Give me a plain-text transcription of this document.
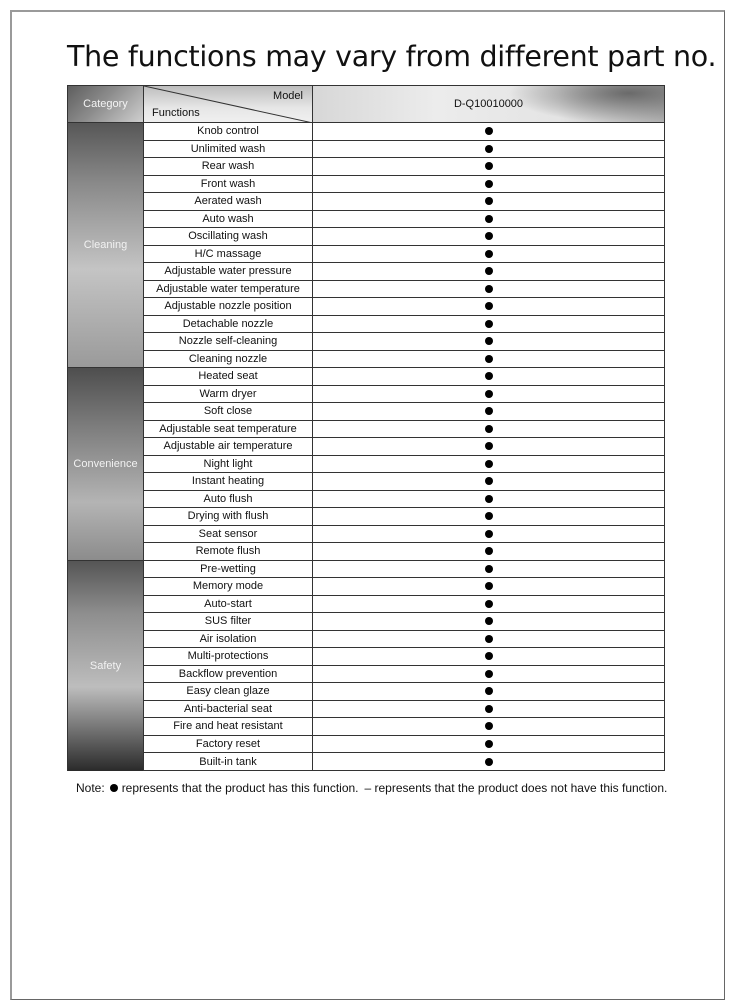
The functions may vary from different part no.
Category
Model
Functions
D-Q10010000
Cleaning
Knob control
Unlimited wash
Rear wash
Front wash
Aerated wash
Auto wash
Oscillating wash
H/C massage
Adjustable water pressure
Adjustable water temperature
Adjustable nozzle position
Detachable nozzle
Nozzle self-cleaning
Cleaning nozzle
Convenience
Heated seat
Warm dryer
Soft close
Adjustable seat temperature
Adjustable air temperature
Night light
Instant heating
Auto flush
Drying with flush
Seat sensor
Remote flush
Safety
Pre-wetting
Memory mode
Auto-start
SUS filter
Air isolation
Multi-protections
Backflow prevention
Easy clean glaze
Anti-bacterial seat
Fire and heat resistant
Factory reset
Built-in tank
Note: represents that the product has this function. – represents that the product does not have this function.
